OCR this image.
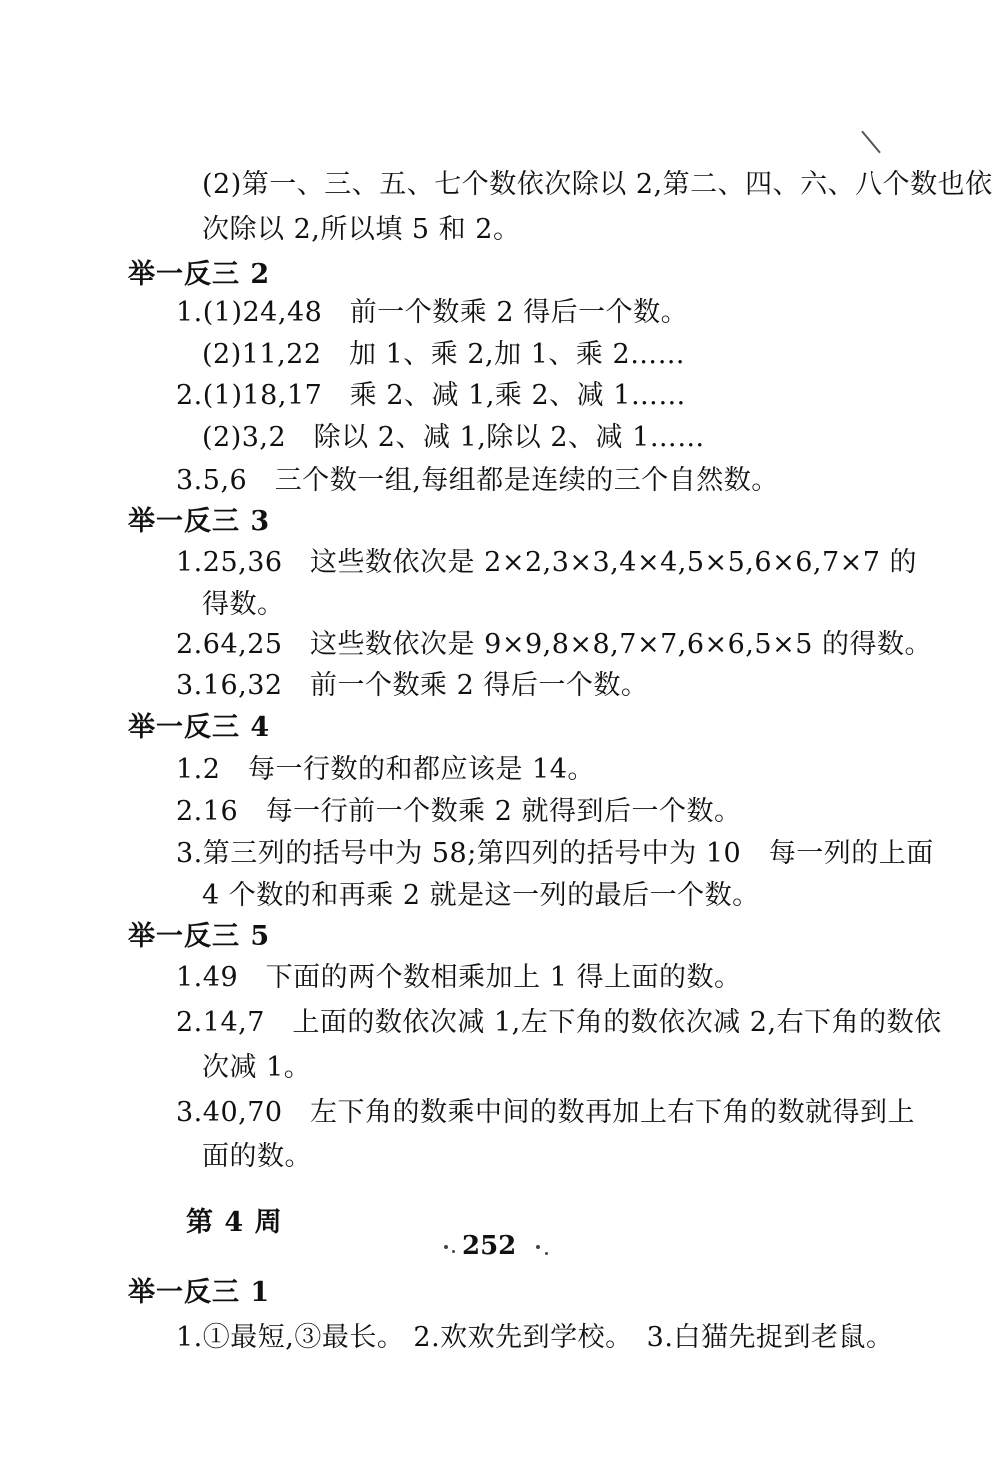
(2)第一、三、五、七个数依次除以 2,第二、四、六、八个数也依
次除以 2,所以填 5 和 2。
举一反三 2
1.(1)24,48　前一个数乘 2 得后一个数。
(2)11,22　加 1、乘 2,加 1、乘 2……
2.(1)18,17　乘 2、减 1,乘 2、减 1……
(2)3,2　除以 2、减 1,除以 2、减 1……
3.5,6　三个数一组,每组都是连续的三个自然数。
举一反三 3
1.25,36　这些数依次是 2×2,3×3,4×4,5×5,6×6,7×7 的
得数。
2.64,25　这些数依次是 9×9,8×8,7×7,6×6,5×5 的得数。
3.16,32　前一个数乘 2 得后一个数。
举一反三 4
1.2　每一行数的和都应该是 14。
2.16　每一行前一个数乘 2 就得到后一个数。
3.第三列的括号中为 58;第四列的括号中为 10　每一列的上面
4 个数的和再乘 2 就是这一列的最后一个数。
举一反三 5
1.49　下面的两个数相乘加上 1 得上面的数。
2.14,7　上面的数依次减 1,左下角的数依次减 2,右下角的数依
次减 1。
3.40,70　左下角的数乘中间的数再加上右下角的数就得到上
面的数。
第 4 周
举一反三 1
1.①最短,③最长。 2.欢欢先到学校。　3.白猫先捉到老鼠。
252
